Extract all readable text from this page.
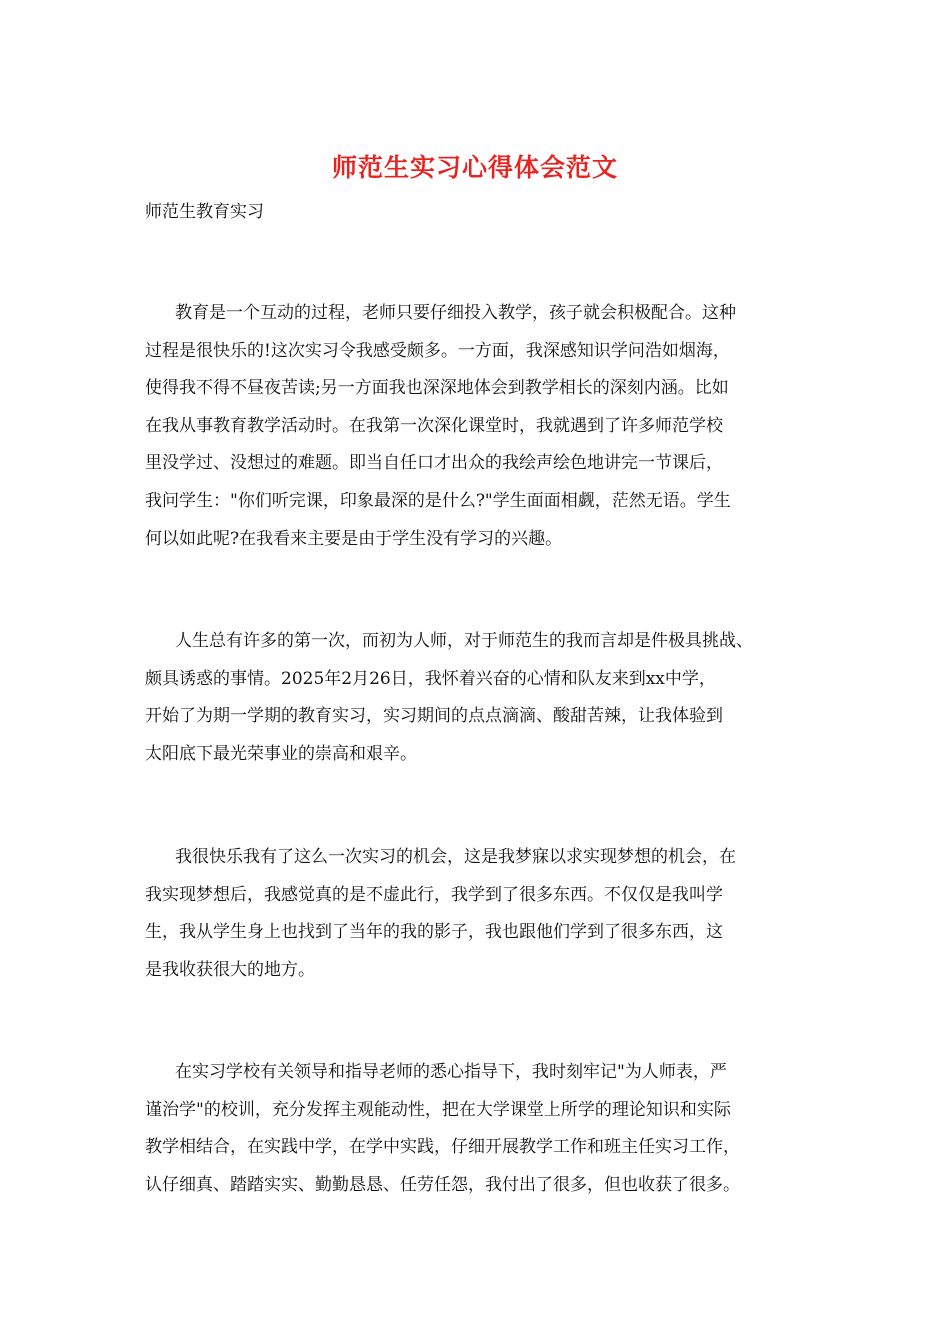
师范生实习心得体会范文
师范生教育实习
教育是一个互动的过程，老师只要仔细投入教学，孩子就会积极配合。这种
过程是很快乐的!这次实习令我感受颇多。一方面，我深感知识学问浩如烟海，
使得我不得不昼夜苦读;另一方面我也深深地体会到教学相长的深刻内涵。比如
在我从事教育教学活动时。在我第一次深化课堂时，我就遇到了许多师范学校
里没学过、没想过的难题。即当自任口才出众的我绘声绘色地讲完一节课后，
我问学生："你们听完课，印象最深的是什么?"学生面面相觑，茫然无语。学生
何以如此呢?在我看来主要是由于学生没有学习的兴趣。
人生总有许多的第一次，而初为人师，对于师范生的我而言却是件极具挑战、
颇具诱惑的事情。2025年2月26日，我怀着兴奋的心情和队友来到xx中学，
开始了为期一学期的教育实习，实习期间的点点滴滴、酸甜苦辣，让我体验到
太阳底下最光荣事业的崇高和艰辛。
我很快乐我有了这么一次实习的机会，这是我梦寐以求实现梦想的机会，在
我实现梦想后，我感觉真的是不虚此行，我学到了很多东西。不仅仅是我叫学
生，我从学生身上也找到了当年的我的影子，我也跟他们学到了很多东西，这
是我收获很大的地方。
在实习学校有关领导和指导老师的悉心指导下，我时刻牢记"为人师表，严
谨治学"的校训，充分发挥主观能动性，把在大学课堂上所学的理论知识和实际
教学相结合，在实践中学，在学中实践，仔细开展教学工作和班主任实习工作，
认仔细真、踏踏实实、勤勤恳恳、任劳任怨，我付出了很多，但也收获了很多。
